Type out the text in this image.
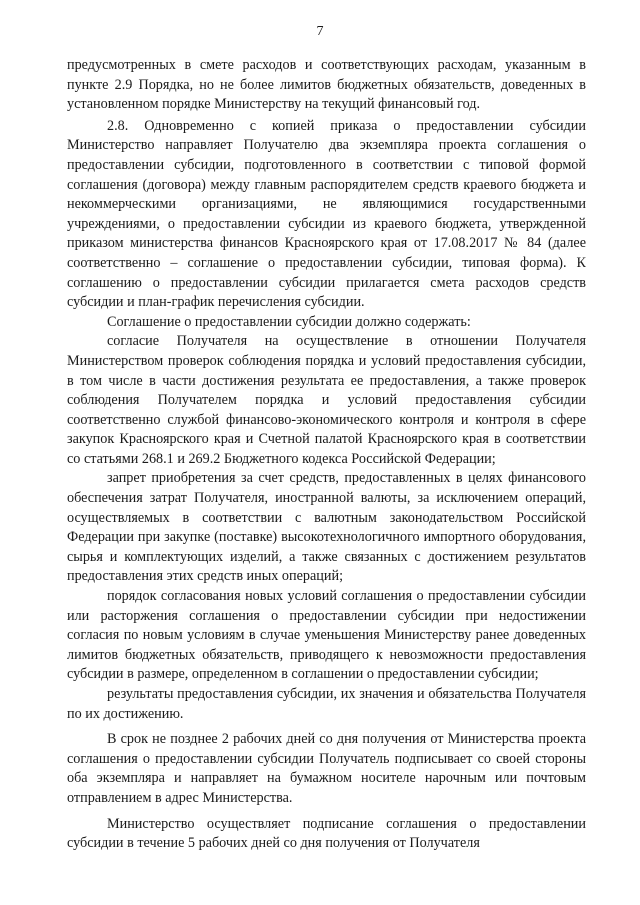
7

предусмотренных в смете расходов и соответствующих расходам, указанным в пункте 2.9 Порядка, но не более лимитов бюджетных обязательств, доведенных в установленном порядке Министерству на текущий финансовый год.

2.8. Одновременно с копией приказа о предоставлении субсидии Министерство направляет Получателю два экземпляра проекта соглашения о предоставлении субсидии, подготовленного в соответствии с типовой формой соглашения (договора) между главным распорядителем средств краевого бюджета и некоммерческими организациями, не являющимися государственными учреждениями, о предоставлении субсидии из краевого бюджета, утвержденной приказом министерства финансов Красноярского края от 17.08.2017 № 84 (далее соответственно – соглашение о предоставлении субсидии, типовая форма). К соглашению о предоставлении субсидии прилагается смета расходов средств субсидии и план-график перечисления субсидии.

Соглашение о предоставлении субсидии должно содержать:

согласие Получателя на осуществление в отношении Получателя Министерством проверок соблюдения порядка и условий предоставления субсидии, в том числе в части достижения результата ее предоставления, а также проверок соблюдения Получателем порядка и условий предоставления субсидии соответственно службой финансово-экономического контроля и контроля в сфере закупок Красноярского края и Счетной палатой Красноярского края в соответствии со статьями 268.1 и 269.2 Бюджетного кодекса Российской Федерации;

запрет приобретения за счет средств, предоставленных в целях финансового обеспечения затрат Получателя, иностранной валюты, за исключением операций, осуществляемых в соответствии с валютным законодательством Российской Федерации при закупке (поставке) высокотехнологичного импортного оборудования, сырья и комплектующих изделий, а также связанных с достижением результатов предоставления этих средств иных операций;

порядок согласования новых условий соглашения о предоставлении субсидии или расторжения соглашения о предоставлении субсидии при недостижении согласия по новым условиям в случае уменьшения Министерству ранее доведенных лимитов бюджетных обязательств, приводящего к невозможности предоставления субсидии в размере, определенном в соглашении о предоставлении субсидии;

результаты предоставления субсидии, их значения и обязательства Получателя по их достижению.

В срок не позднее 2 рабочих дней со дня получения от Министерства проекта соглашения о предоставлении субсидии Получатель подписывает со своей стороны оба экземпляра и направляет на бумажном носителе нарочным или почтовым отправлением в адрес Министерства.

Министерство осуществляет подписание соглашения о предоставлении субсидии в течение 5 рабочих дней со дня получения от Получателя
